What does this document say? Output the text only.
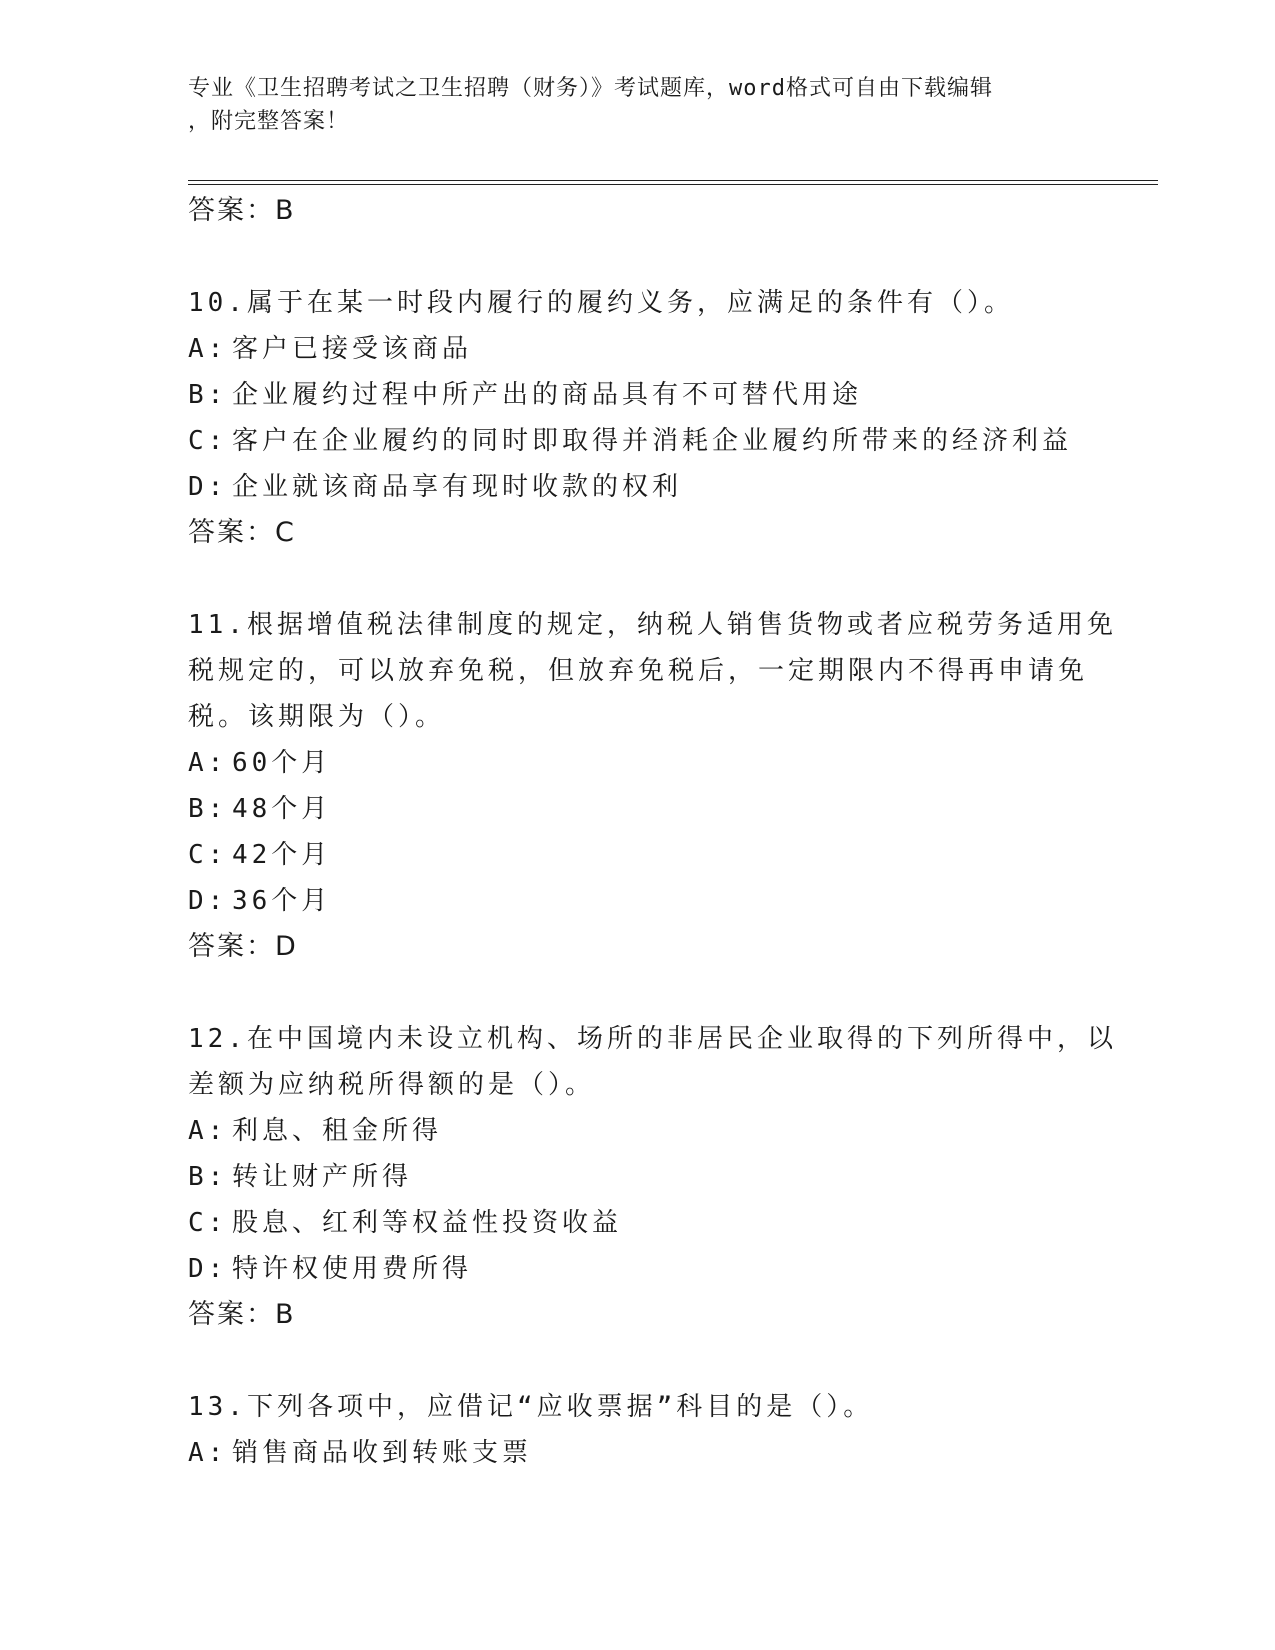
专业《卫生招聘考试之卫生招聘（财务）》考试题库，word格式可自由下载编辑

，附完整答案！

答案：B
10.属于在某一时段内履行的履约义务，应满足的条件有（）。
A: 客户已接受该商品
B: 企业履约过程中所产出的商品具有不可替代用途
C: 客户在企业履约的同时即取得并消耗企业履约所带来的经济利益
D: 企业就该商品享有现时收款的权利
答案：C
11.根据增值税法律制度的规定，纳税人销售货物或者应税劳务适用免
税规定的，可以放弃免税，但放弃免税后，一定期限内不得再申请免
税。该期限为（）。
A: 60个月
B: 48个月
C: 42个月
D: 36个月
答案：D
12.在中国境内未设立机构、场所的非居民企业取得的下列所得中，以
差额为应纳税所得额的是（）。
A: 利息、租金所得
B: 转让财产所得
C: 股息、红利等权益性投资收益
D: 特许权使用费所得
答案：B
13.下列各项中，应借记“应收票据”科目的是（）。
A: 销售商品收到转账支票
